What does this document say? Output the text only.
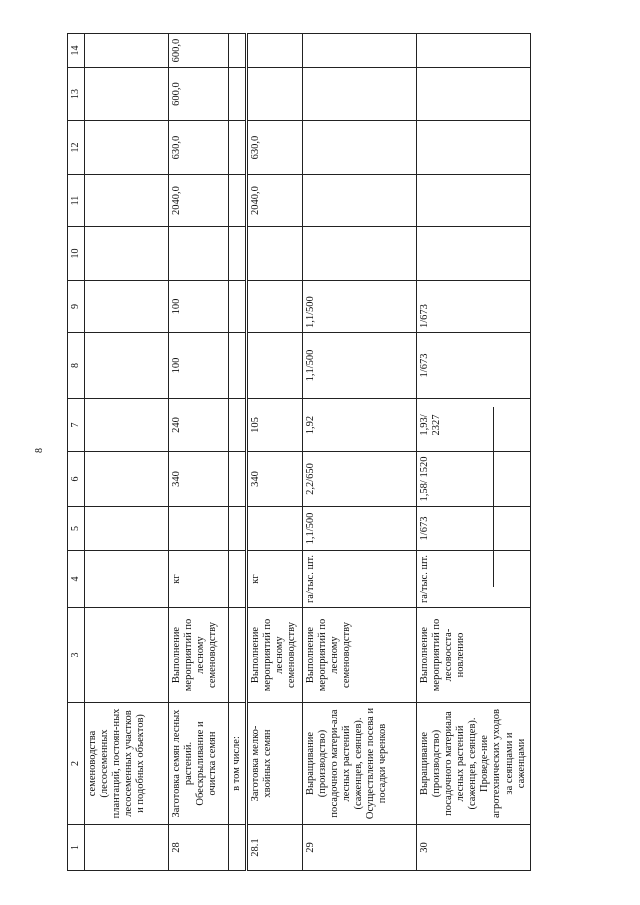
8
1	2	3	4	5	6	7	8	9	10	11	12	13	14
	семеноводства (лесосеменных плантаций, постоян-ных лесосеменных участков и подобных объектов)												
28	Заготовка семян лесных растений. Обескрыливание и очистка семян	Выполнение мероприятий по лесному семеноводству	кг		340	240	100	100		2040,0	630,0	600,0	600,0
	в том числе:												
28.1	Заготовка мелко-хвойных семян	Выполнение мероприятий по лесному семеноводству	кг		340	105				2040,0	630,0		
29	Выращивание (производство) посадочного матери-ала лесных растений (саженцев, сеянцев). Осуществление посева и посадки черенков	Выполнение мероприятий по лесному семеноводству	га/тыс. шт.	1,1/500	2,2/650	1,92	1,1/500	1,1/500					
30	Выращивание (производство) посадочного материала лесных растений (саженцев, сеянцев). Проведе-ние агротехнических уходов за сеянцами и саженцами	Выполнение мероприятий по лесовосста-новлению	га/тыс. шт.	1/673	1,58/ 1520	1,93/ 2327	1/673	1/673					
